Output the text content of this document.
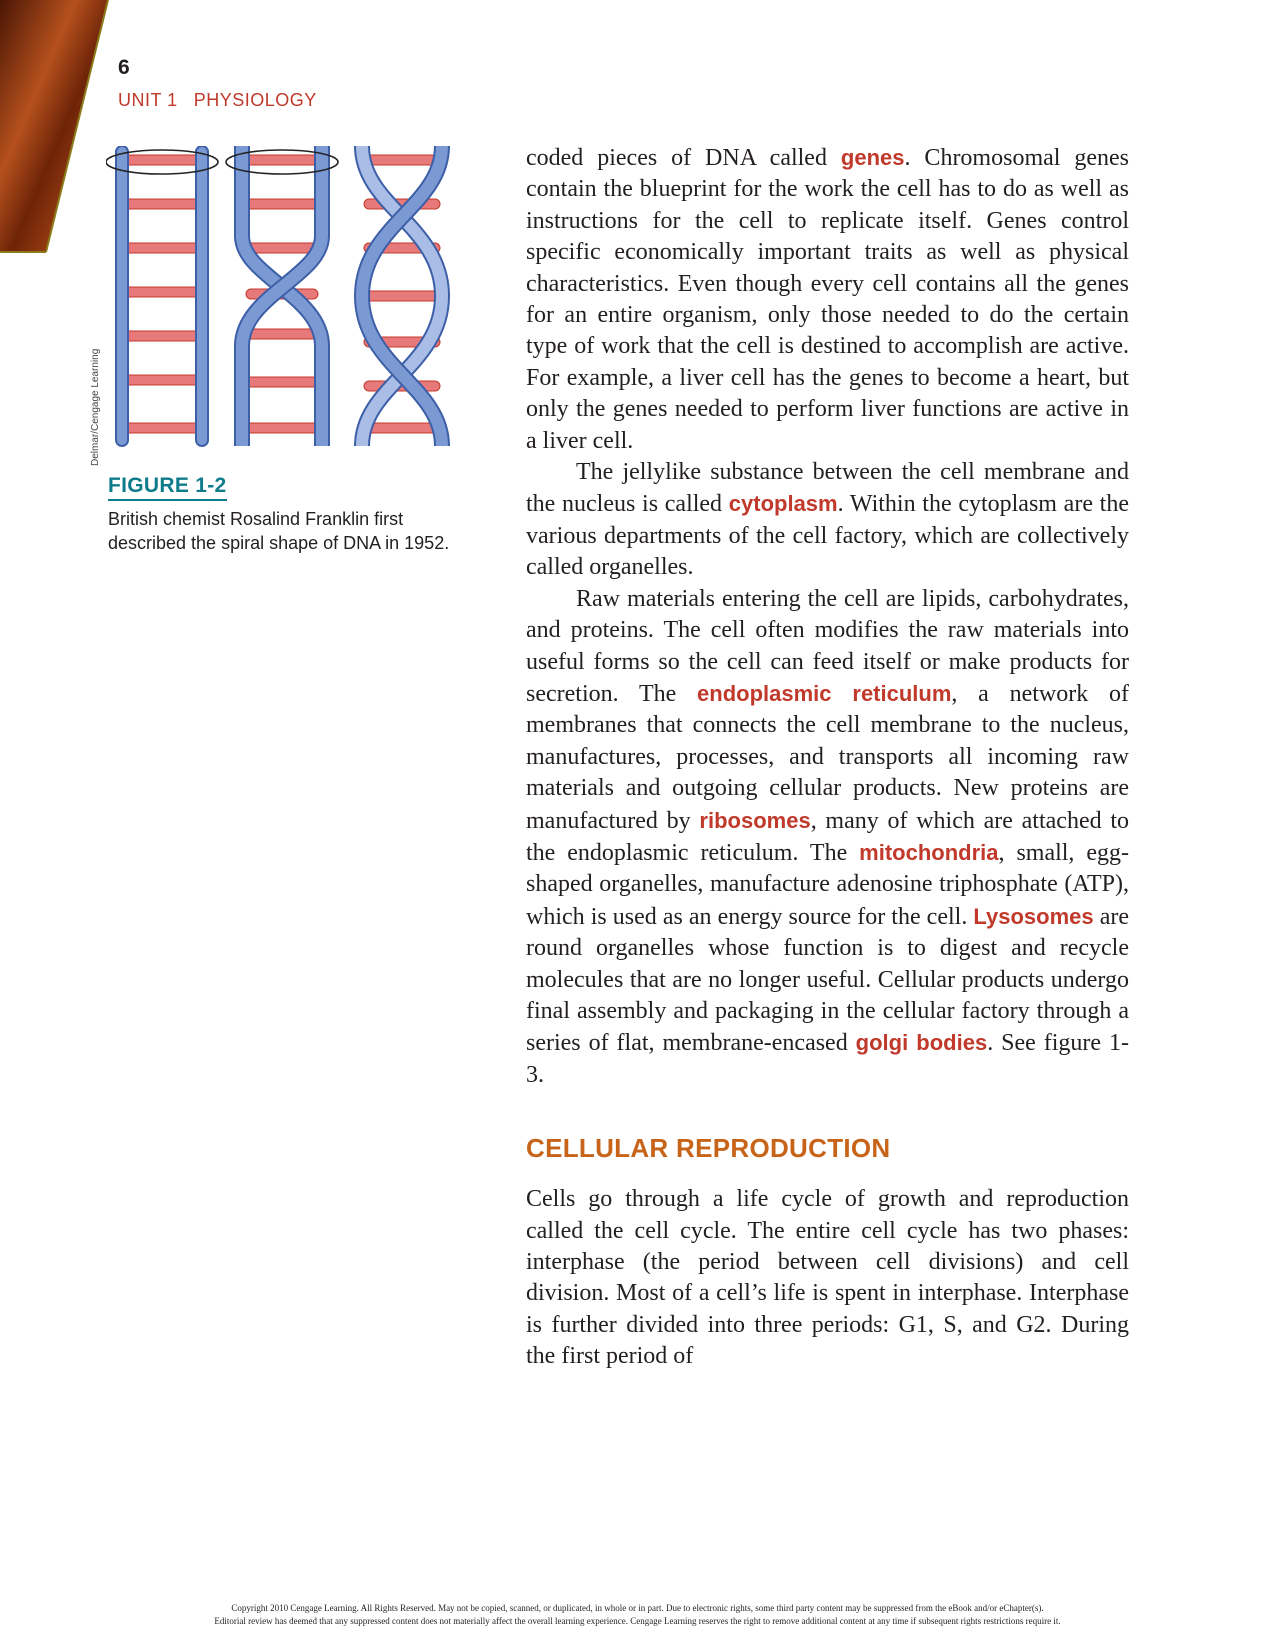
6
UNIT 1 PHYSIOLOGY
Delmar/Cengage Learning
FIGURE 1-2
British chemist Rosalind Franklin first described the spiral shape of DNA in 1952.

coded pieces of DNA called genes. Chromosomal genes contain the blueprint for the work the cell has to do as well as instructions for the cell to replicate itself. Genes control specific economically important traits as well as physical characteristics. Even though every cell contains all the genes for an entire organism, only those needed to do the certain type of work that the cell is destined to accomplish are active. For example, a liver cell has the genes to become a heart, but only the genes needed to perform liver functions are active in a liver cell.

The jellylike substance between the cell membrane and the nucleus is called cytoplasm. Within the cytoplasm are the various departments of the cell factory, which are collectively called organelles.

Raw materials entering the cell are lipids, carbohydrates, and proteins. The cell often modifies the raw materials into useful forms so the cell can feed itself or make products for secretion. The endoplasmic reticulum, a network of membranes that connects the cell membrane to the nucleus, manufactures, processes, and transports all incoming raw materials and outgoing cellular products. New proteins are manufactured by ribosomes, many of which are attached to the endoplasmic reticulum. The mitochondria, small, egg-shaped organelles, manufacture adenosine triphosphate (ATP), which is used as an energy source for the cell. Lysosomes are round organelles whose function is to digest and recycle molecules that are no longer useful. Cellular products undergo final assembly and packaging in the cellular factory through a series of flat, membrane-encased golgi bodies. See figure 1-3.

CELLULAR REPRODUCTION

Cells go through a life cycle of growth and reproduction called the cell cycle. The entire cell cycle has two phases: interphase (the period between cell divisions) and cell division. Most of a cell’s life is spent in interphase. Interphase is further divided into three periods: G1, S, and G2. During the first period of

Copyright 2010 Cengage Learning. All Rights Reserved. May not be copied, scanned, or duplicated, in whole or in part. Due to electronic rights, some third party content may be suppressed from the eBook and/or eChapter(s).
Editorial review has deemed that any suppressed content does not materially affect the overall learning experience. Cengage Learning reserves the right to remove additional content at any time if subsequent rights restrictions require it.
